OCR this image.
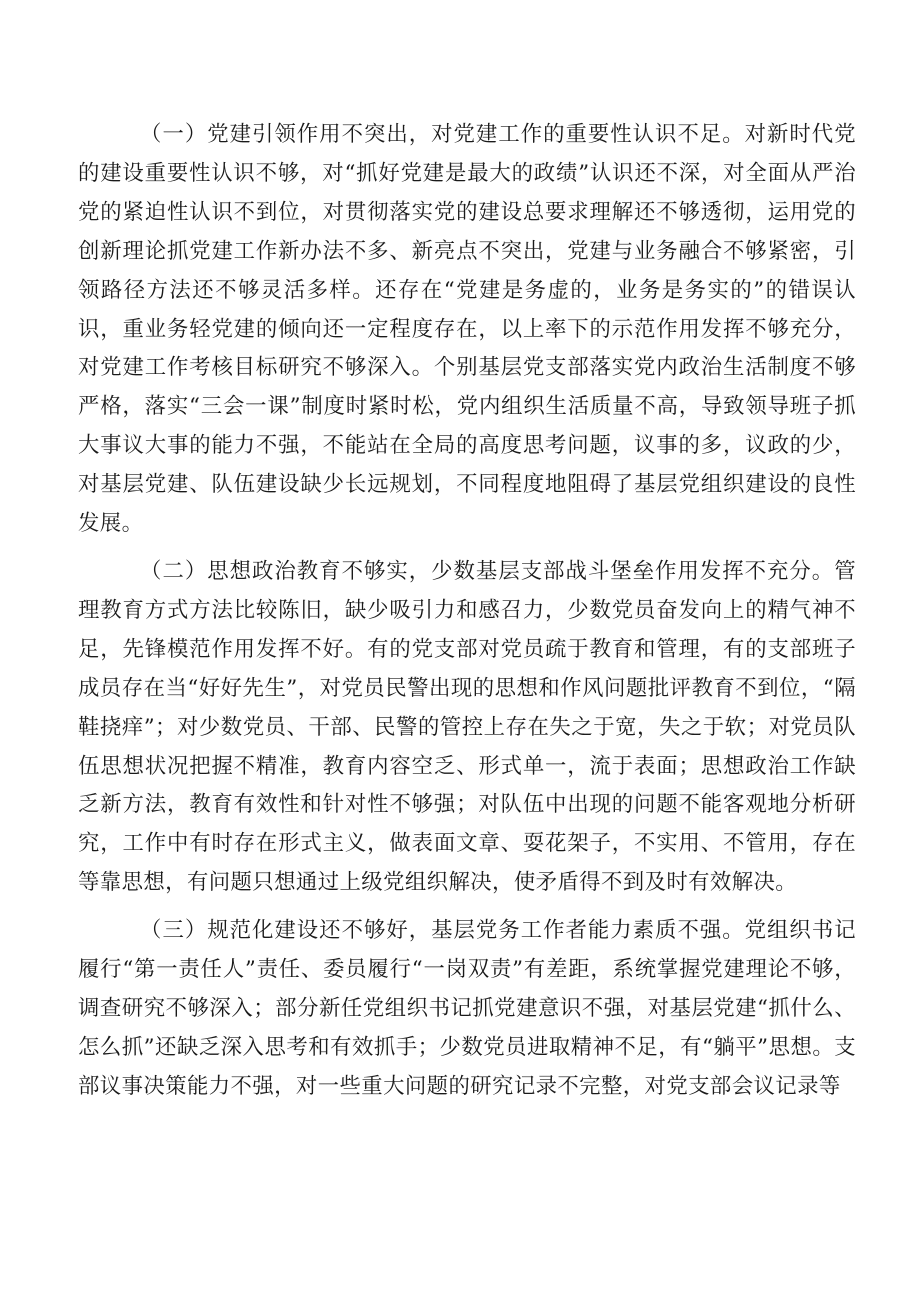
（一）党建引领作用不突出，对党建工作的重要性认识不足。对新时代党的建设重要性认识不够，对“抓好党建是最大的政绩”认识还不深，对全面从严治党的紧迫性认识不到位，对贯彻落实党的建设总要求理解还不够透彻，运用党的创新理论抓党建工作新办法不多、新亮点不突出，党建与业务融合不够紧密，引领路径方法还不够灵活多样。还存在“党建是务虚的，业务是务实的”的错误认识，重业务轻党建的倾向还一定程度存在，以上率下的示范作用发挥不够充分，对党建工作考核目标研究不够深入。个别基层党支部落实党内政治生活制度不够严格，落实“三会一课”制度时紧时松，党内组织生活质量不高，导致领导班子抓大事议大事的能力不强，不能站在全局的高度思考问题，议事的多，议政的少，对基层党建、队伍建设缺少长远规划，不同程度地阻碍了基层党组织建设的良性发展。

（二）思想政治教育不够实，少数基层支部战斗堡垒作用发挥不充分。管理教育方式方法比较陈旧，缺少吸引力和感召力，少数党员奋发向上的精气神不足，先锋模范作用发挥不好。有的党支部对党员疏于教育和管理，有的支部班子成员存在当“好好先生”，对党员民警出现的思想和作风问题批评教育不到位，“隔鞋挠痒”；对少数党员、干部、民警的管控上存在失之于宽，失之于软；对党员队伍思想状况把握不精准，教育内容空乏、形式单一，流于表面；思想政治工作缺乏新方法，教育有效性和针对性不够强；对队伍中出现的问题不能客观地分析研究，工作中有时存在形式主义，做表面文章、耍花架子，不实用、不管用，存在等靠思想，有问题只想通过上级党组织解决，使矛盾得不到及时有效解决。

（三）规范化建设还不够好，基层党务工作者能力素质不强。党组织书记履行“第一责任人”责任、委员履行“一岗双责”有差距，系统掌握党建理论不够，调查研究不够深入；部分新任党组织书记抓党建意识不强，对基层党建“抓什么、怎么抓”还缺乏深入思考和有效抓手；少数党员进取精神不足，有“躺平”思想。支部议事决策能力不强，对一些重大问题的研究记录不完整，对党支部会议记录等
